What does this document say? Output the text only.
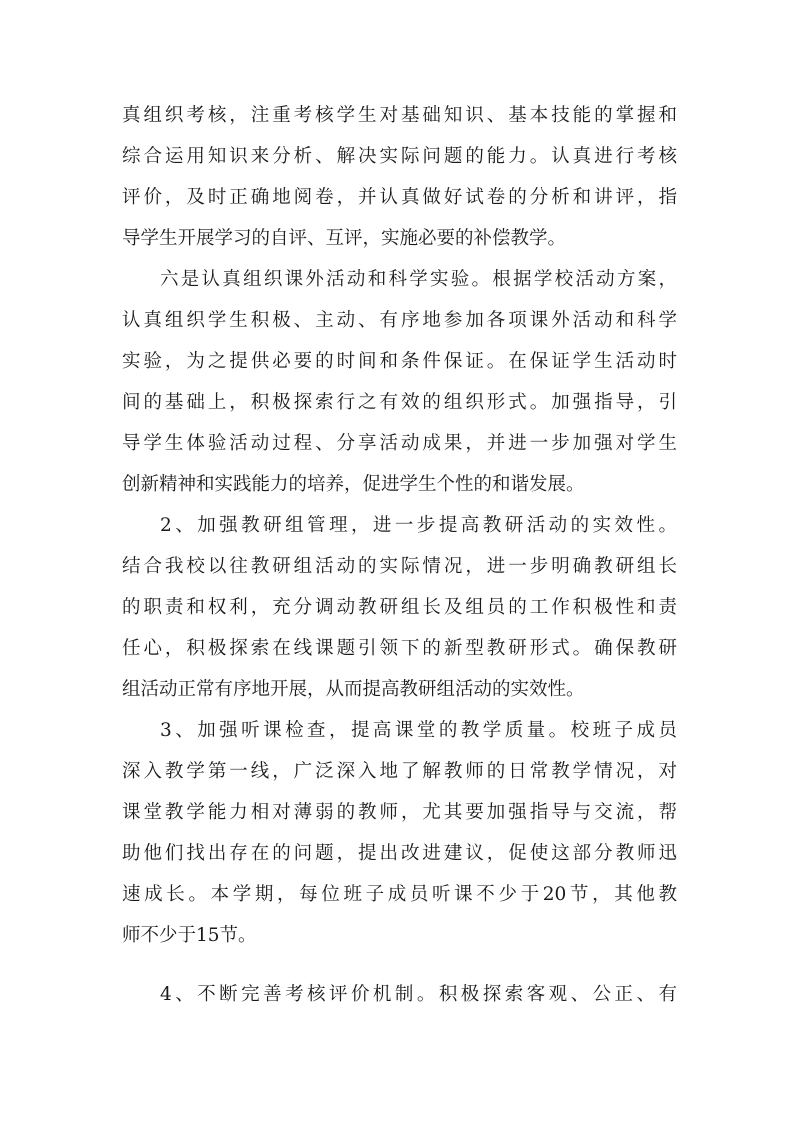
真组织考核，注重考核学生对基础知识、基本技能的掌握和
综合运用知识来分析、解决实际问题的能力。认真进行考核
评价，及时正确地阅卷，并认真做好试卷的分析和讲评，指
导学生开展学习的自评、互评，实施必要的补偿教学。
六是认真组织课外活动和科学实验。根据学校活动方案，
认真组织学生积极、主动、有序地参加各项课外活动和科学
实验，为之提供必要的时间和条件保证。在保证学生活动时
间的基础上，积极探索行之有效的组织形式。加强指导，引
导学生体验活动过程、分享活动成果，并进一步加强对学生
创新精神和实践能力的培养，促进学生个性的和谐发展。
2、加强教研组管理，进一步提高教研活动的实效性。
结合我校以往教研组活动的实际情况，进一步明确教研组长
的职责和权利，充分调动教研组长及组员的工作积极性和责
任心，积极探索在线课题引领下的新型教研形式。确保教研
组活动正常有序地开展，从而提高教研组活动的实效性。
3、加强听课检查，提高课堂的教学质量。校班子成员
深入教学第一线，广泛深入地了解教师的日常教学情况，对
课堂教学能力相对薄弱的教师，尤其要加强指导与交流，帮
助他们找出存在的问题，提出改进建议，促使这部分教师迅
速成长。本学期，每位班子成员听课不少于20节，其他教
师不少于15节。
4、不断完善考核评价机制。积极探索客观、公正、有
